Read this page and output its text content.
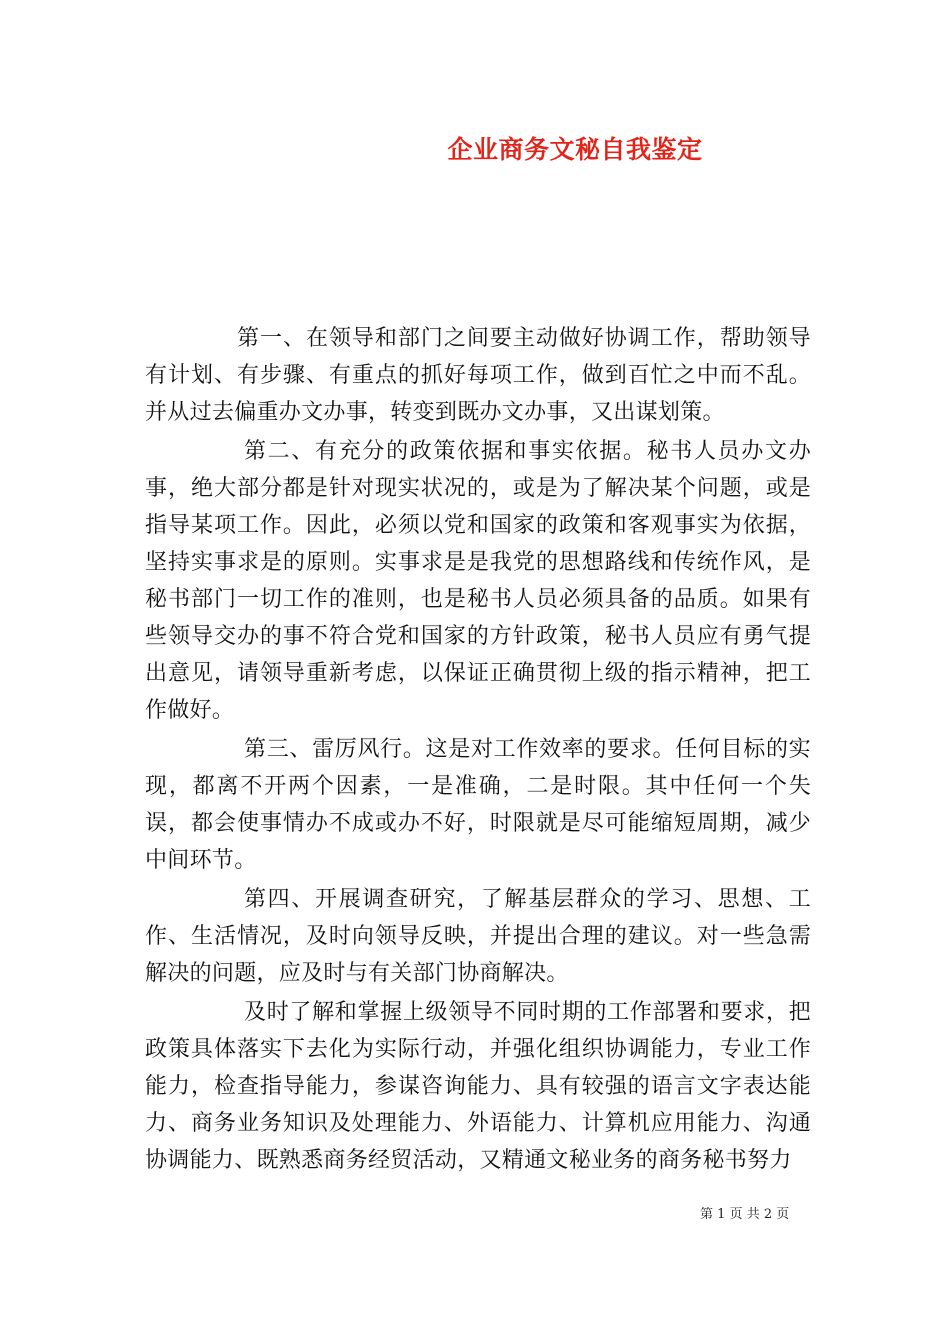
企业商务文秘自我鉴定

第一、在领导和部门之间要主动做好协调工作，帮助领导有计划、有步骤、有重点的抓好每项工作，做到百忙之中而不乱。并从过去偏重办文办事，转变到既办文办事，又出谋划策。

第二、有充分的政策依据和事实依据。秘书人员办文办事，绝大部分都是针对现实状况的，或是为了解决某个问题，或是指导某项工作。因此，必须以党和国家的政策和客观事实为依据，坚持实事求是的原则。实事求是是我党的思想路线和传统作风，是秘书部门一切工作的准则，也是秘书人员必须具备的品质。如果有些领导交办的事不符合党和国家的方针政策，秘书人员应有勇气提出意见，请领导重新考虑，以保证正确贯彻上级的指示精神，把工作做好。

第三、雷厉风行。这是对工作效率的要求。任何目标的实现，都离不开两个因素，一是准确，二是时限。其中任何一个失误，都会使事情办不成或办不好，时限就是尽可能缩短周期，减少中间环节。

第四、开展调查研究，了解基层群众的学习、思想、工作、生活情况，及时向领导反映，并提出合理的建议。对一些急需解决的问题，应及时与有关部门协商解决。

及时了解和掌握上级领导不同时期的工作部署和要求，把政策具体落实下去化为实际行动，并强化组织协调能力，专业工作能力，检查指导能力，参谋咨询能力、具有较强的语言文字表达能力、商务业务知识及处理能力、外语能力、计算机应用能力、沟通协调能力、既熟悉商务经贸活动，又精通文秘业务的商务秘书努力

第 1 页 共 2 页
